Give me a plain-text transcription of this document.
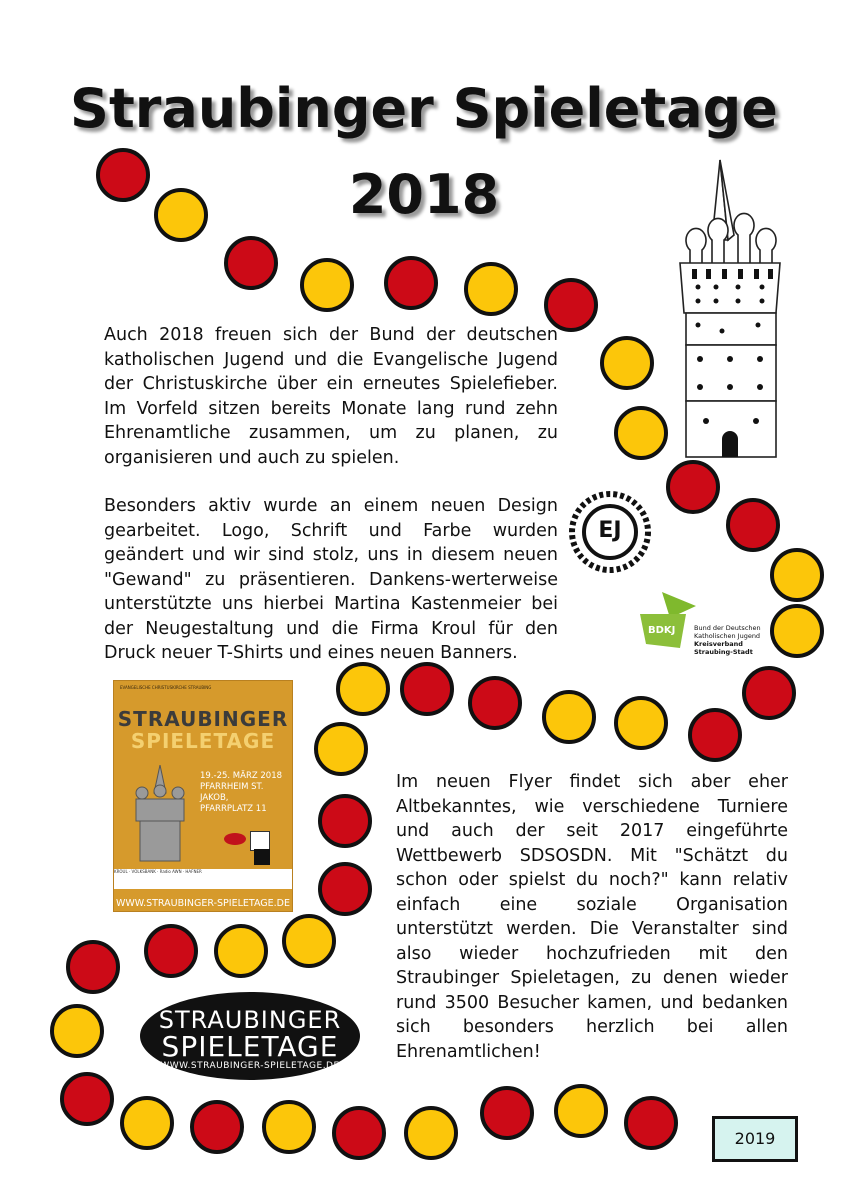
Straubinger Spieletage
2018

Auch 2018 freuen sich der Bund der deutschen katholischen Jugend und die Evangelische Jugend der Christuskirche über ein erneutes Spielefieber. Im Vorfeld sitzen bereits Monate lang rund zehn Ehrenamtliche zusammen, um zu planen, zu organisieren und auch zu spielen.

Besonders aktiv wurde an einem neuen Design gearbeitet. Logo, Schrift und Farbe wurden geändert und wir sind stolz, uns in diesem neuen "Gewand" zu präsentieren. Dankens-werterweise unterstützte uns hierbei Martina Kastenmeier bei der Neugestaltung und die Firma Kroul für den Druck neuer T-Shirts und eines neuen Banners.

Im neuen Flyer findet sich aber eher Altbekanntes, wie verschiedene Turniere und auch der seit 2017 eingeführte Wettbewerb SDSOSDN. Mit "Schätzt du schon oder spielst du noch?" kann relativ einfach eine soziale Organisation unterstützt werden. Die Veranstalter sind also wieder hochzufrieden mit den Straubinger Spieletagen, zu denen wieder rund 3500 Besucher kamen, und bedanken sich besonders herzlich bei allen Ehrenamtlichen!

EJ
BDKJ	Bund der Deutschen
Katholischen Jugend
Kreisverband
Straubing-Stadt
EVANGELISCHE CHRISTUSKIRCHE STRAUBING
STRAUBINGER
SPIELETAGE
19.-25. MÄRZ 2018
PFARRHEIM ST. JAKOB,
PFARRPLATZ 11
KROUL · VOLKSBANK · Radio AWN · HAFNER
WWW.STRAUBINGER-SPIELETAGE.DE
STRAUBINGER
SPIELETAGE
WWW.STRAUBINGER-SPIELETAGE.DE
2019
